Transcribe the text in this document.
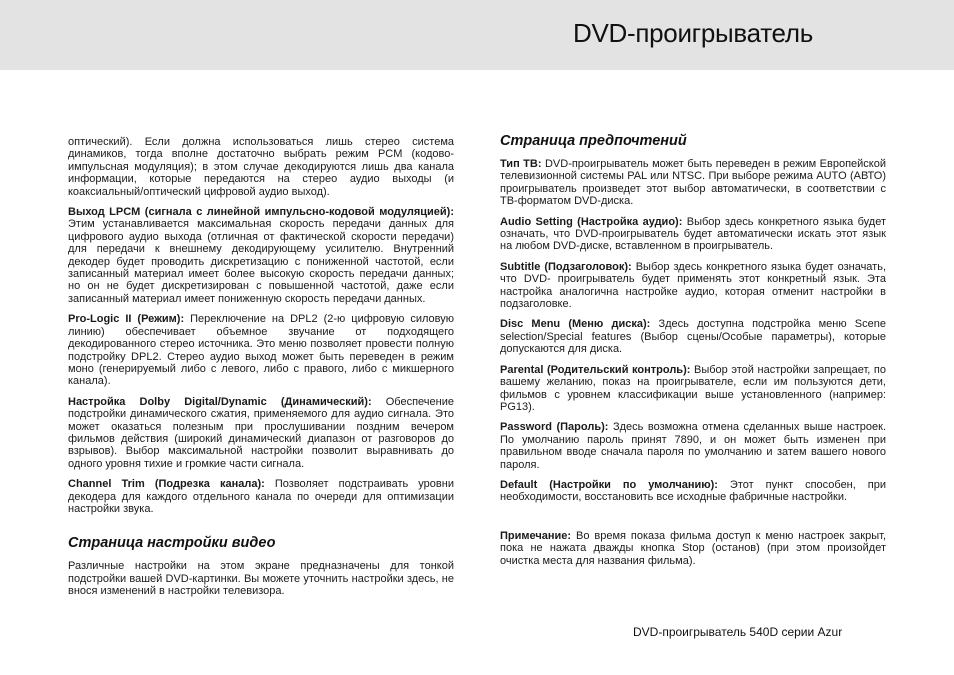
DVD-проигрыватель

оптический). Если должна использоваться лишь стерео система динамиков, тогда вполне достаточно выбрать режим PCM (кодово-импульсная модуляция); в этом случае декодируются лишь два канала информации, которые передаются на стерео аудио выходы (и коаксиальный/оптический цифровой аудио выход).

Выход LPCM (сигнала с линейной импульсно-кодовой модуляцией): Этим устанавливается максимальная скорость передачи данных для цифрового аудио выхода (отличная от фактической скорости передачи) для передачи к внешнему декодирующему усилителю. Внутренний декодер будет проводить дискретизацию с пониженной частотой, если записанный материал имеет более высокую скорость передачи данных; но он не будет дискретизирован с повышенной частотой, даже если записанный материал имеет пониженную скорость передачи данных.

Pro-Logic II (Режим): Переключение на DPL2 (2-ю цифровую силовую линию) обеспечивает объемное звучание от подходящего декодированного стерео источника. Это меню позволяет провести полную подстройку DPL2. Стерео аудио выход может быть переведен в режим моно (генерируемый либо с левого, либо с правого, либо с микшерного канала).

Настройка Dolby Digital/Dynamic (Динамический): Обеспечение подстройки динамического сжатия, применяемого для аудио сигнала. Это может оказаться полезным при прослушивании поздним вечером фильмов действия (широкий динамический диапазон от разговоров до взрывов). Выбор максимальной настройки позволит выравнивать до одного уровня тихие и громкие части сигнала.

Channel Trim (Подрезка канала): Позволяет подстраивать уровни декодера для каждого отдельного канала по очереди для оптимизации настройки звука.

Страница настройки видео

Различные настройки на этом экране предназначены для тонкой подстройки вашей DVD-картинки. Вы можете уточнить настройки здесь, не внося изменений в настройки телевизора.

Страница предпочтений

Тип ТВ: DVD-проигрыватель может быть переведен в режим Европейской телевизионной системы PAL или NTSC. При выборе режима AUTO (АВТО) проигрыватель произведет этот выбор автоматически, в соответствии с ТВ-форматом DVD-диска.

Audio Setting (Настройка аудио): Выбор здесь конкретного языка будет означать, что DVD-проигрыватель будет автоматически искать этот язык на любом DVD-диске, вставленном в проигрыватель.

Subtitle (Подзаголовок): Выбор здесь конкретного языка будет означать, что DVD- проигрыватель будет применять этот конкретный язык. Эта настройка аналогична настройке аудио, которая отменит настройки в подзаголовке.

Disc Menu (Меню диска): Здесь доступна подстройка меню Scene selection/Special features (Выбор сцены/Особые параметры), которые допускаются для диска.

Parental (Родительский контроль): Выбор этой настройки запрещает, по вашему желанию, показ на проигрывателе, если им пользуются дети, фильмов с уровнем классификации выше установленного (например: PG13).

Password (Пароль): Здесь возможна отмена сделанных выше настроек. По умолчанию пароль принят 7890, и он может быть изменен при правильном вводе сначала пароля по умолчанию и затем вашего нового пароля.

Default (Настройки по умолчанию): Этот пункт способен, при необходимости, восстановить все исходные фабричные настройки.

Примечание: Во время показа фильма доступ к меню настроек закрыт, пока не нажата дважды кнопка Stop (останов) (при этом произойдет очистка места для названия фильма).

DVD-проигрыватель 540D серии Azur
